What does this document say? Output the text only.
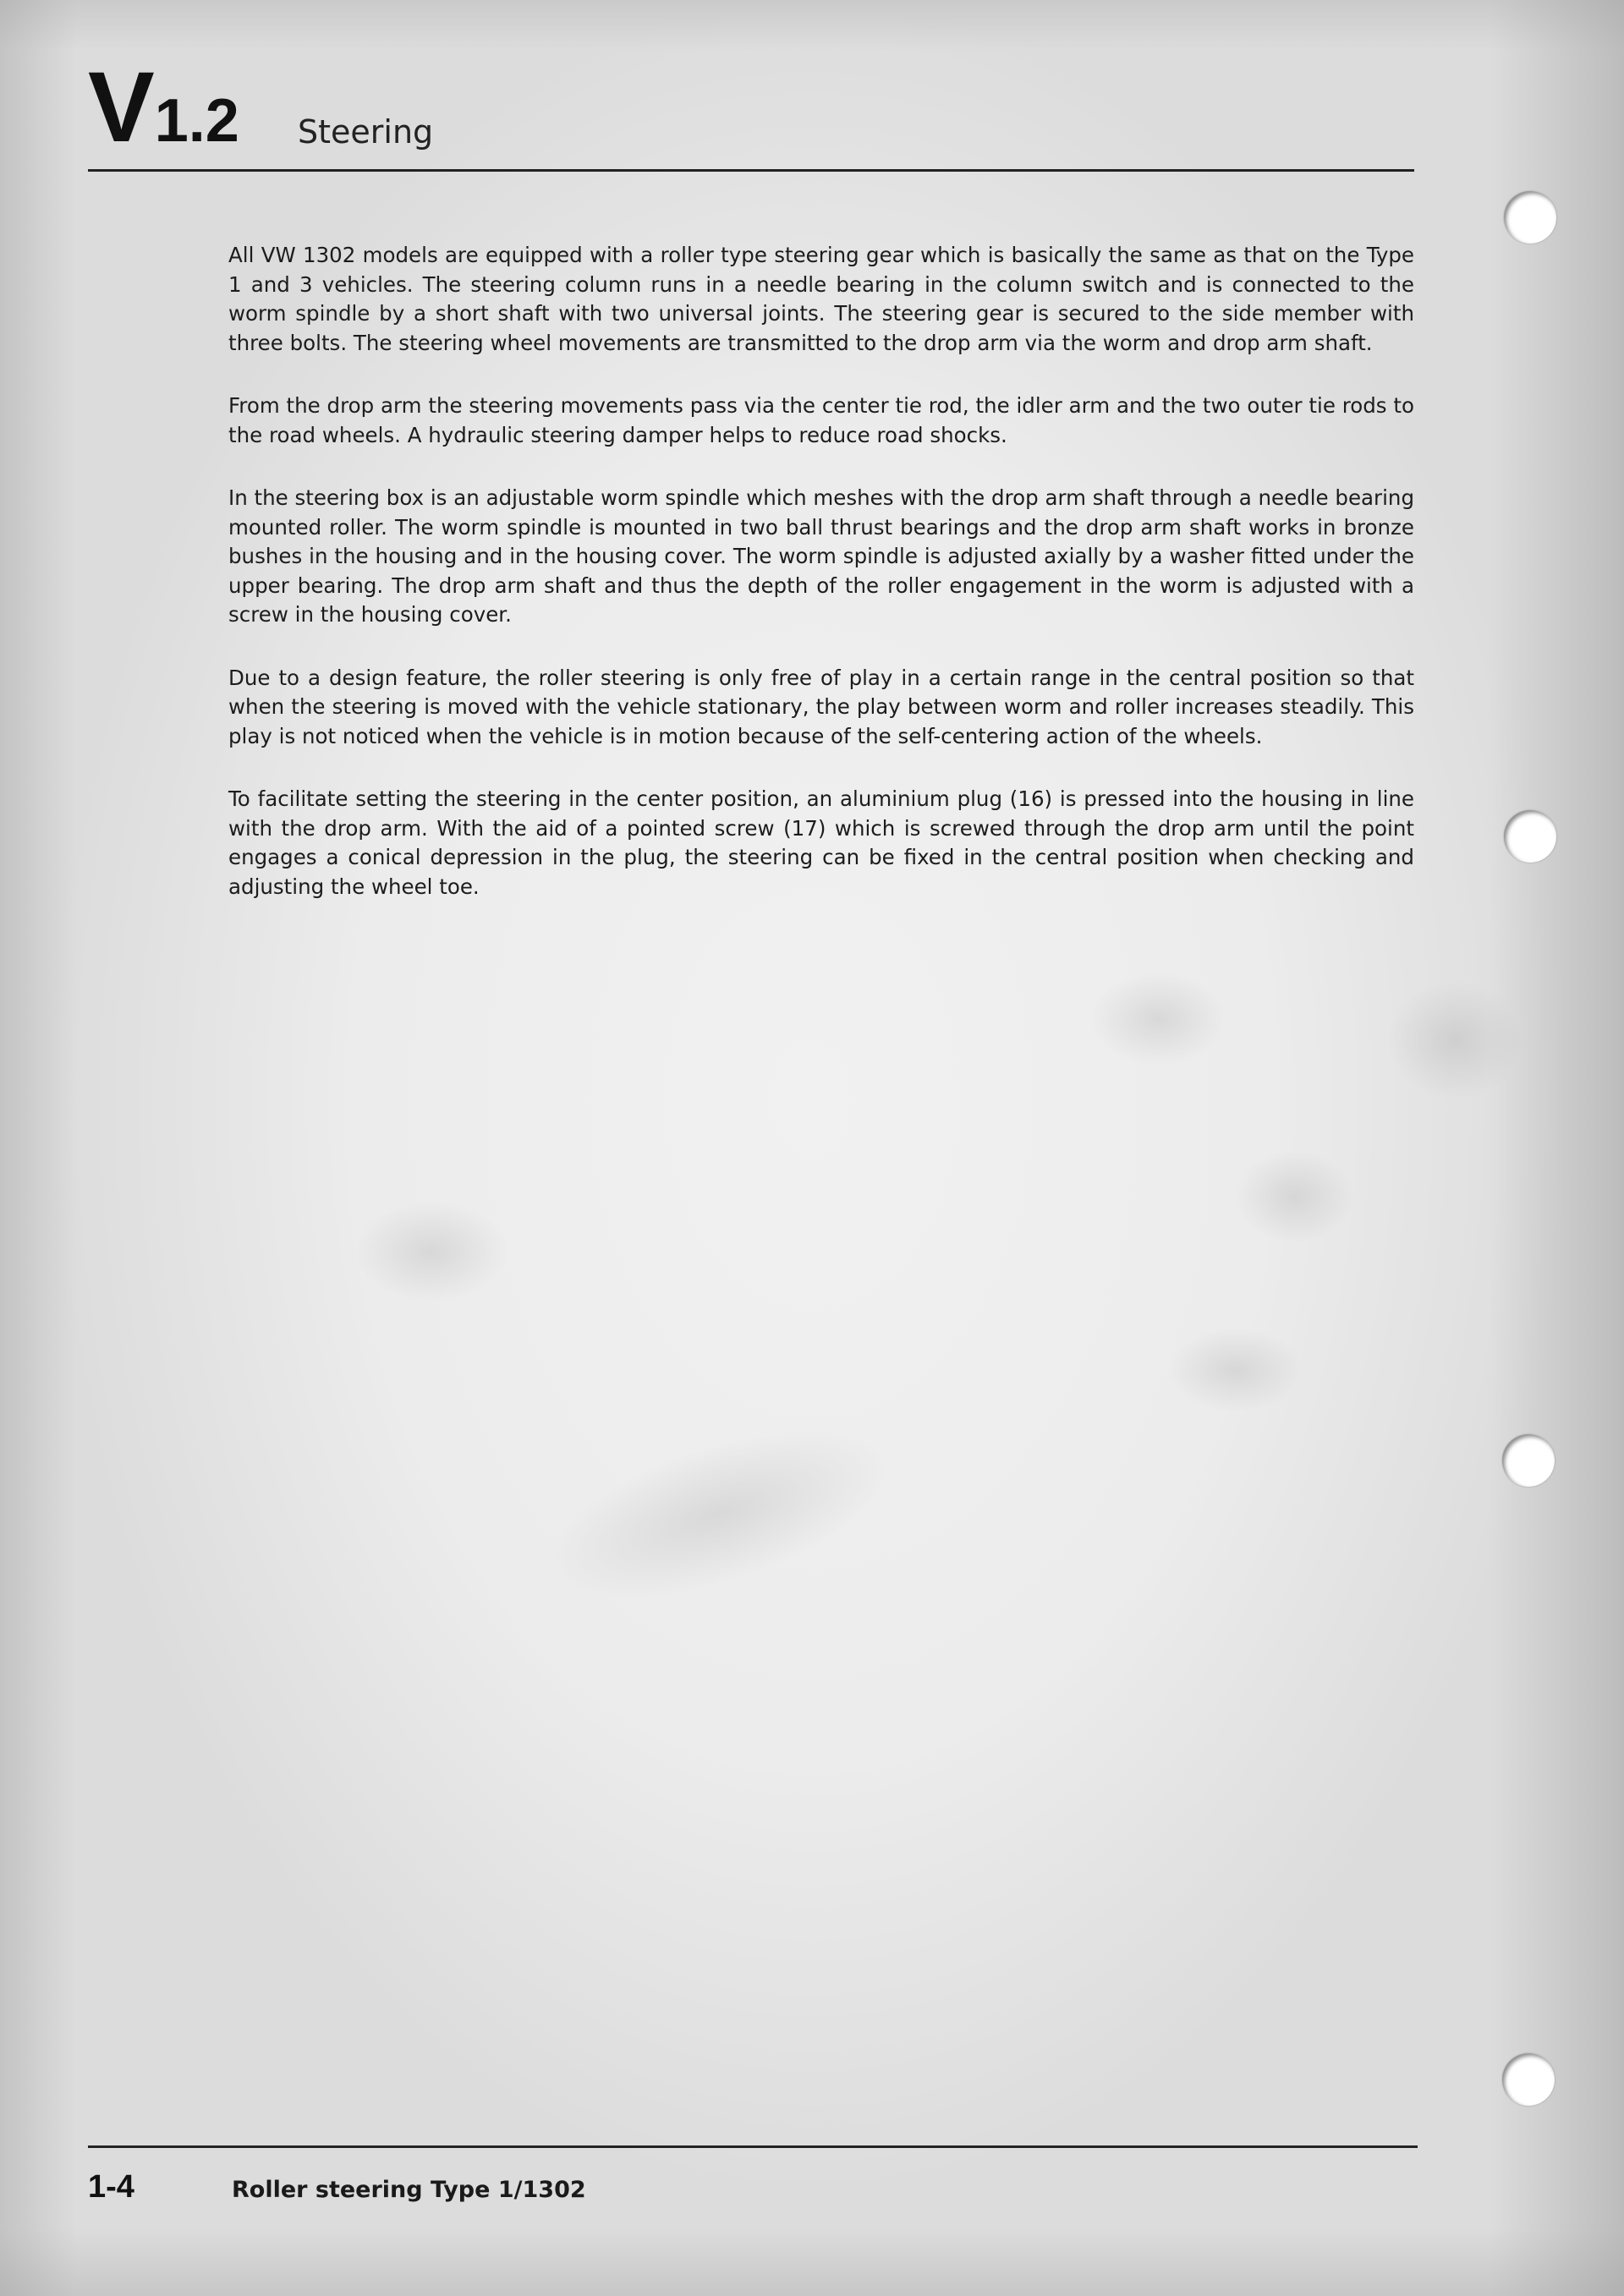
V 1.2 Steering

All VW 1302 models are equipped with a roller type steering gear which is basically the same as that on the Type 1 and 3 vehicles. The steering column runs in a needle bearing in the column switch and is connected to the worm spindle by a short shaft with two universal joints. The steering gear is secured to the side member with three bolts. The steering wheel movements are transmitted to the drop arm via the worm and drop arm shaft.

From the drop arm the steering movements pass via the center tie rod, the idler arm and the two outer tie rods to the road wheels. A hydraulic steering damper helps to reduce road shocks.

In the steering box is an adjustable worm spindle which meshes with the drop arm shaft through a needle bearing mounted roller. The worm spindle is mounted in two ball thrust bearings and the drop arm shaft works in bronze bushes in the housing and in the housing cover. The worm spindle is adjusted axially by a washer fitted under the upper bearing. The drop arm shaft and thus the depth of the roller engagement in the worm is adjusted with a screw in the housing cover.

Due to a design feature, the roller steering is only free of play in a certain range in the central position so that when the steering is moved with the vehicle stationary, the play between worm and roller increases steadily. This play is not noticed when the vehicle is in motion because of the self-centering action of the wheels.

To facilitate setting the steering in the center position, an aluminium plug (16) is pressed into the housing in line with the drop arm. With the aid of a pointed screw (17) which is screwed through the drop arm until the point engages a conical depression in the plug, the steering can be fixed in the central position when checking and adjusting the wheel toe.

1-4	Roller steering Type 1/1302
